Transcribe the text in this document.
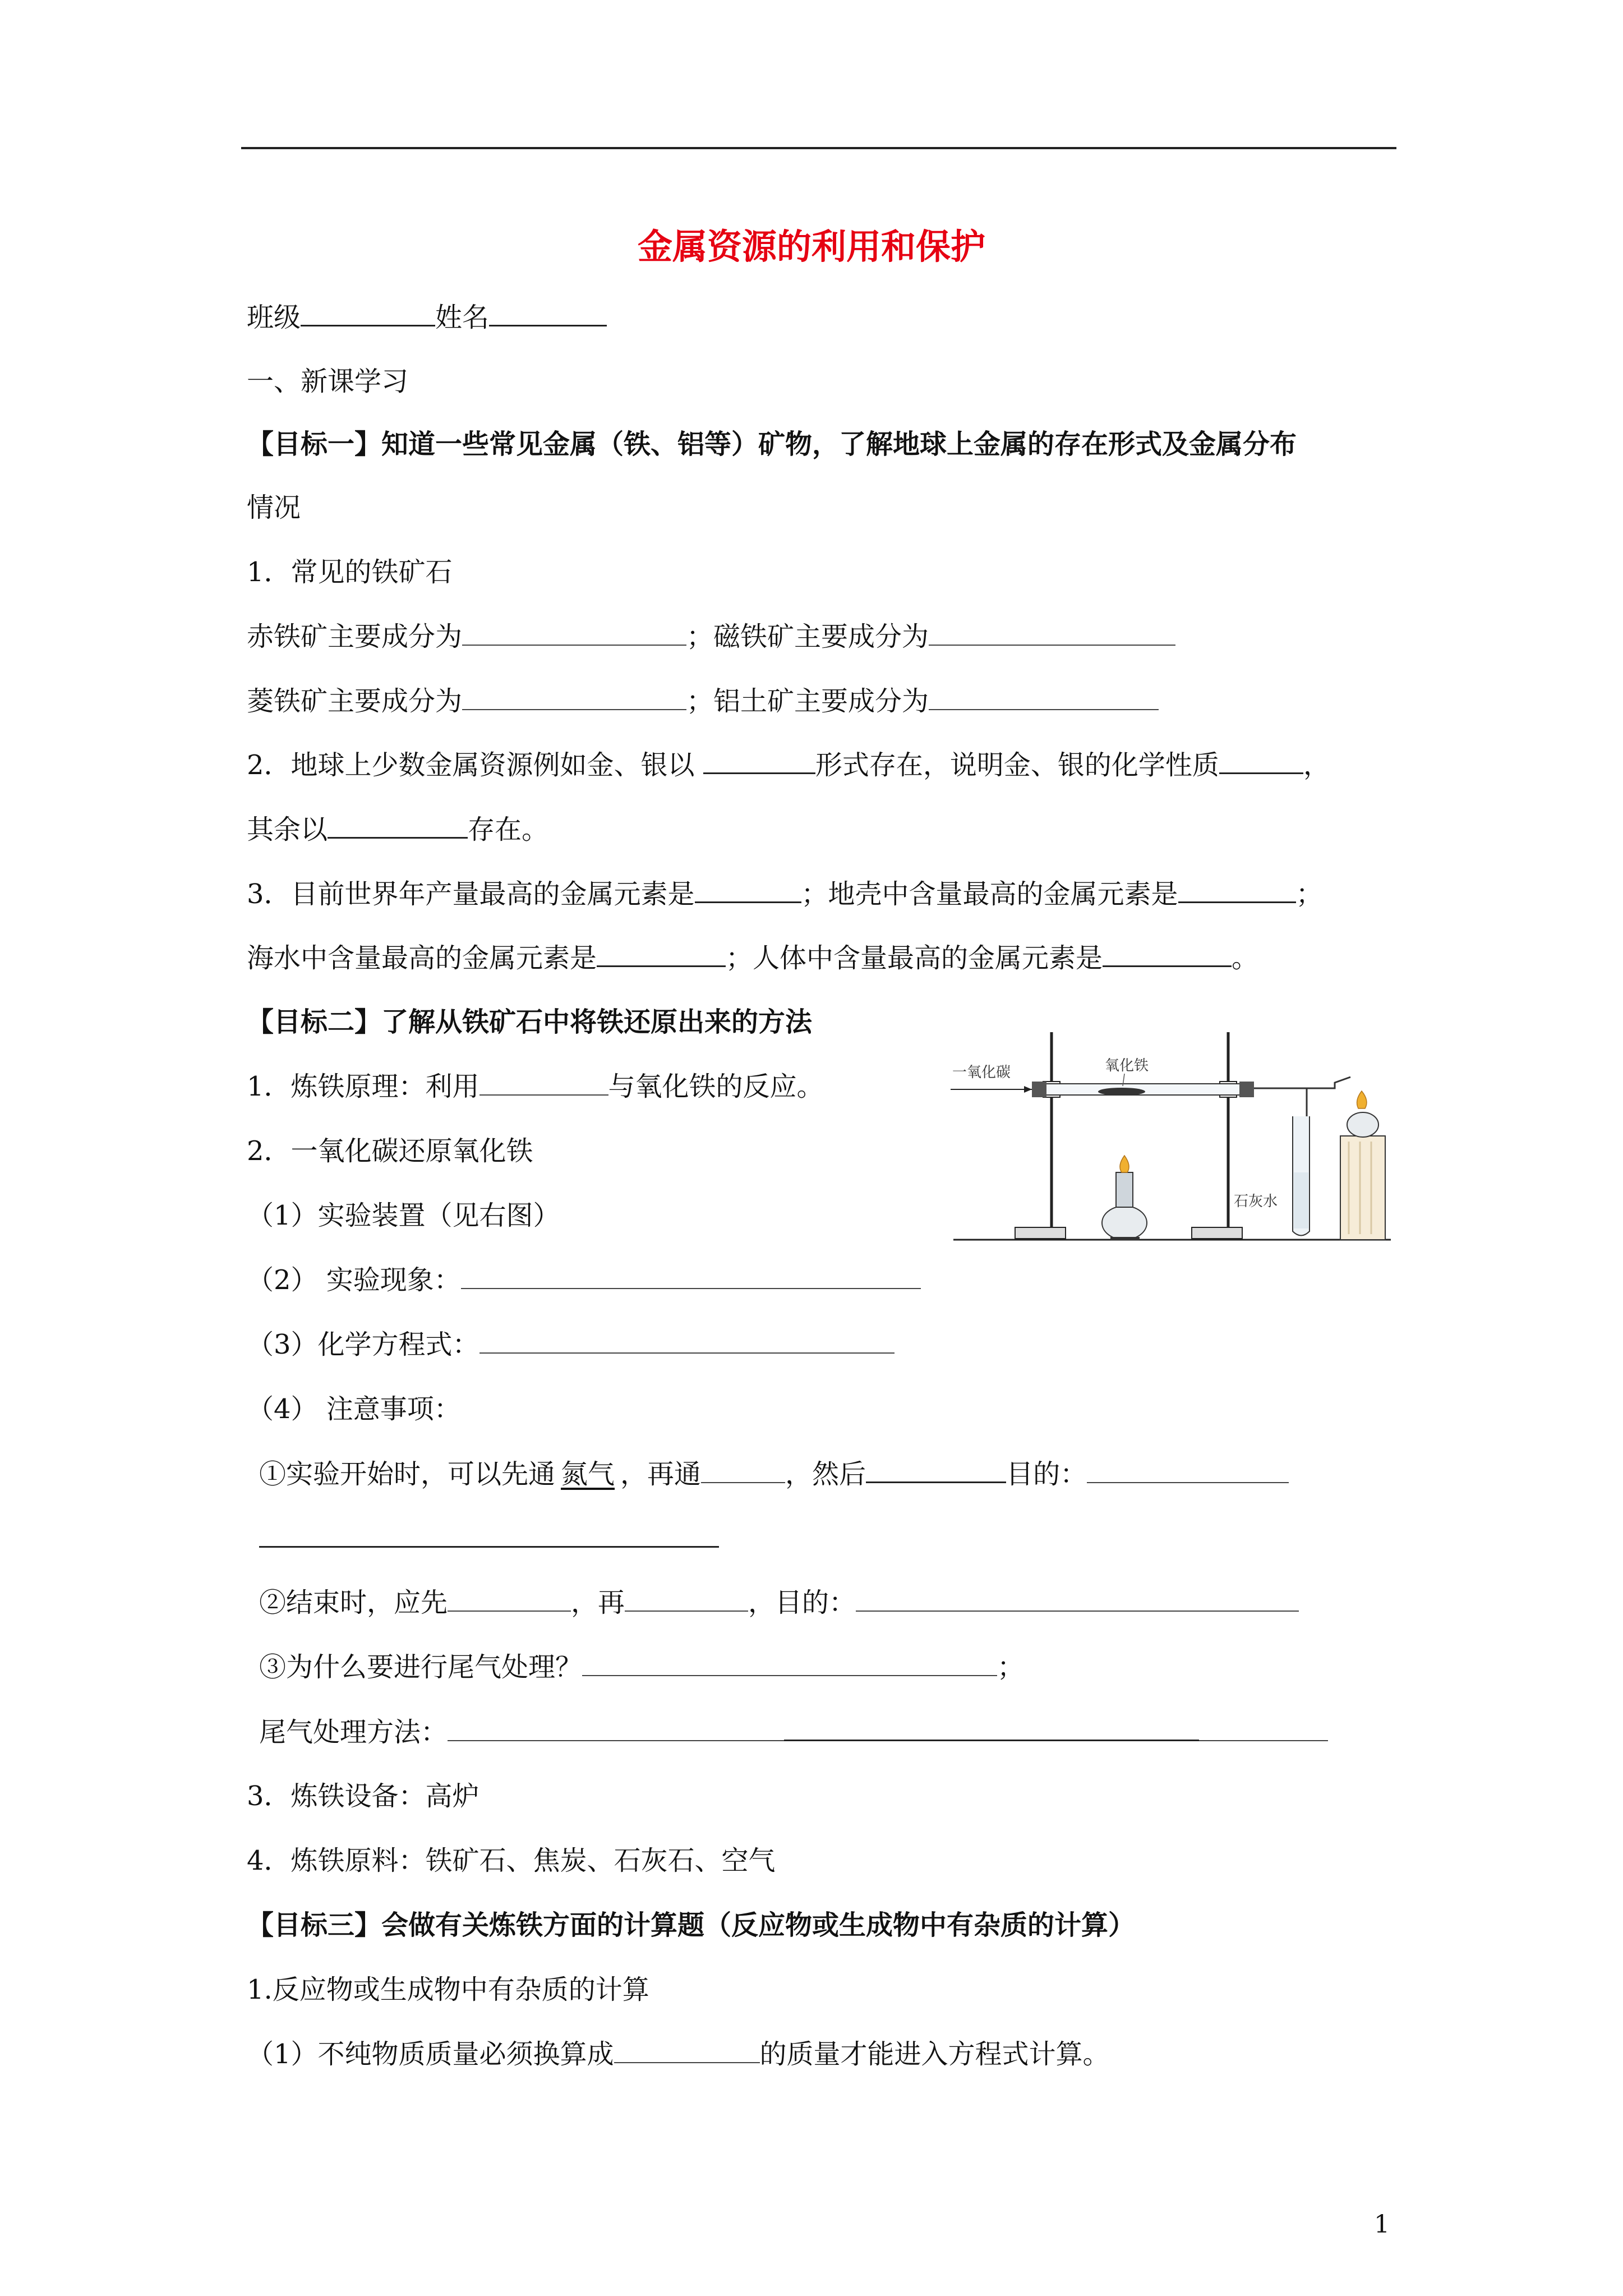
金属资源的利用和保护
班级	姓名
一、新课学习
【目标一】知道一些常见金属（铁、铝等）矿物，了解地球上金属的存在形式及金属分布
情况
1．常见的铁矿石
赤铁矿主要成分为	；磁铁矿主要成分为
菱铁矿主要成分为	；铝土矿主要成分为
2．地球上少数金属资源例如金、银以	形式存在，说明金、银的化学性质	，
其余以	存在。
3．目前世界年产量最高的金属元素是	；地壳中含量最高的金属元素是	；
海水中含量最高的金属元素是	；人体中含量最高的金属元素是	。
【目标二】了解从铁矿石中将铁还原出来的方法
1．炼铁原理：利用	与氧化铁的反应。
2．一氧化碳还原氧化铁
（1）实验装置（见右图）
（2） 实验现象：
（3）化学方程式：
（4） 注意事项：
①实验开始时，可以先通 氮气 ，再通	，然后	目的：
②结束时，应先	，再	，目的：
③为什么要进行尾气处理？	；
尾气处理方法：
3．炼铁设备：高炉
4．炼铁原料：铁矿石、焦炭、石灰石、空气
【目标三】会做有关炼铁方面的计算题（反应物或生成物中有杂质的计算）
1.反应物或生成物中有杂质的计算
（1）不纯物质质量必须换算成	的质量才能进入方程式计算。
1
一氧化碳	氧化铁
石灰水
